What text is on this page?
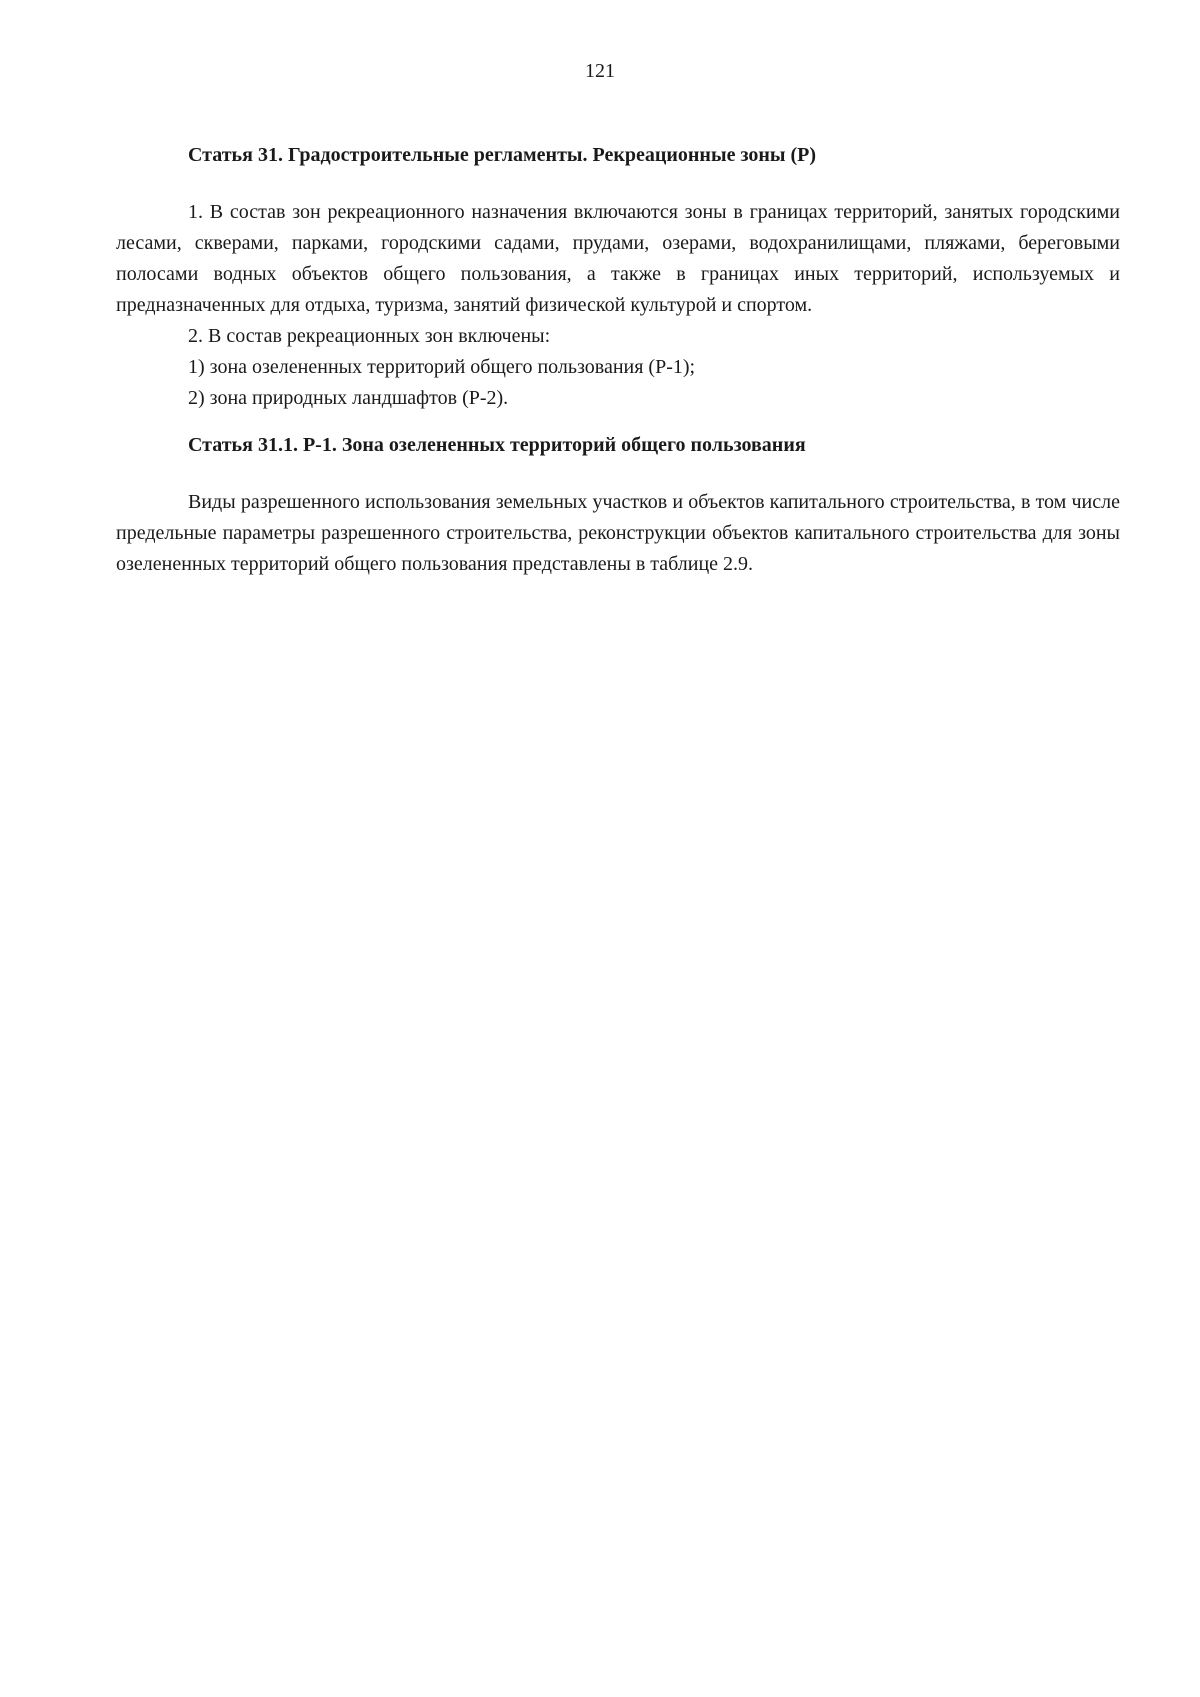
121

Статья 31. Градостроительные регламенты. Рекреационные зоны (Р)

1. В состав зон рекреационного назначения включаются зоны в границах территорий, занятых городскими лесами, скверами, парками, городскими садами, прудами, озерами, водохранилищами, пляжами, береговыми полосами водных объектов общего пользования, а также в границах иных территорий, используемых и предназначенных для отдыха, туризма, занятий физической культурой и спортом.

2. В состав рекреационных зон включены:

1) зона озелененных территорий общего пользования (Р-1);

2) зона природных ландшафтов (Р-2).

Статья 31.1. Р-1. Зона озелененных территорий общего пользования

Виды разрешенного использования земельных участков и объектов капитального строительства, в том числе предельные параметры разрешенного строительства, реконструкции объектов капитального строительства для зоны озелененных территорий общего пользования представлены в таблице 2.9.
